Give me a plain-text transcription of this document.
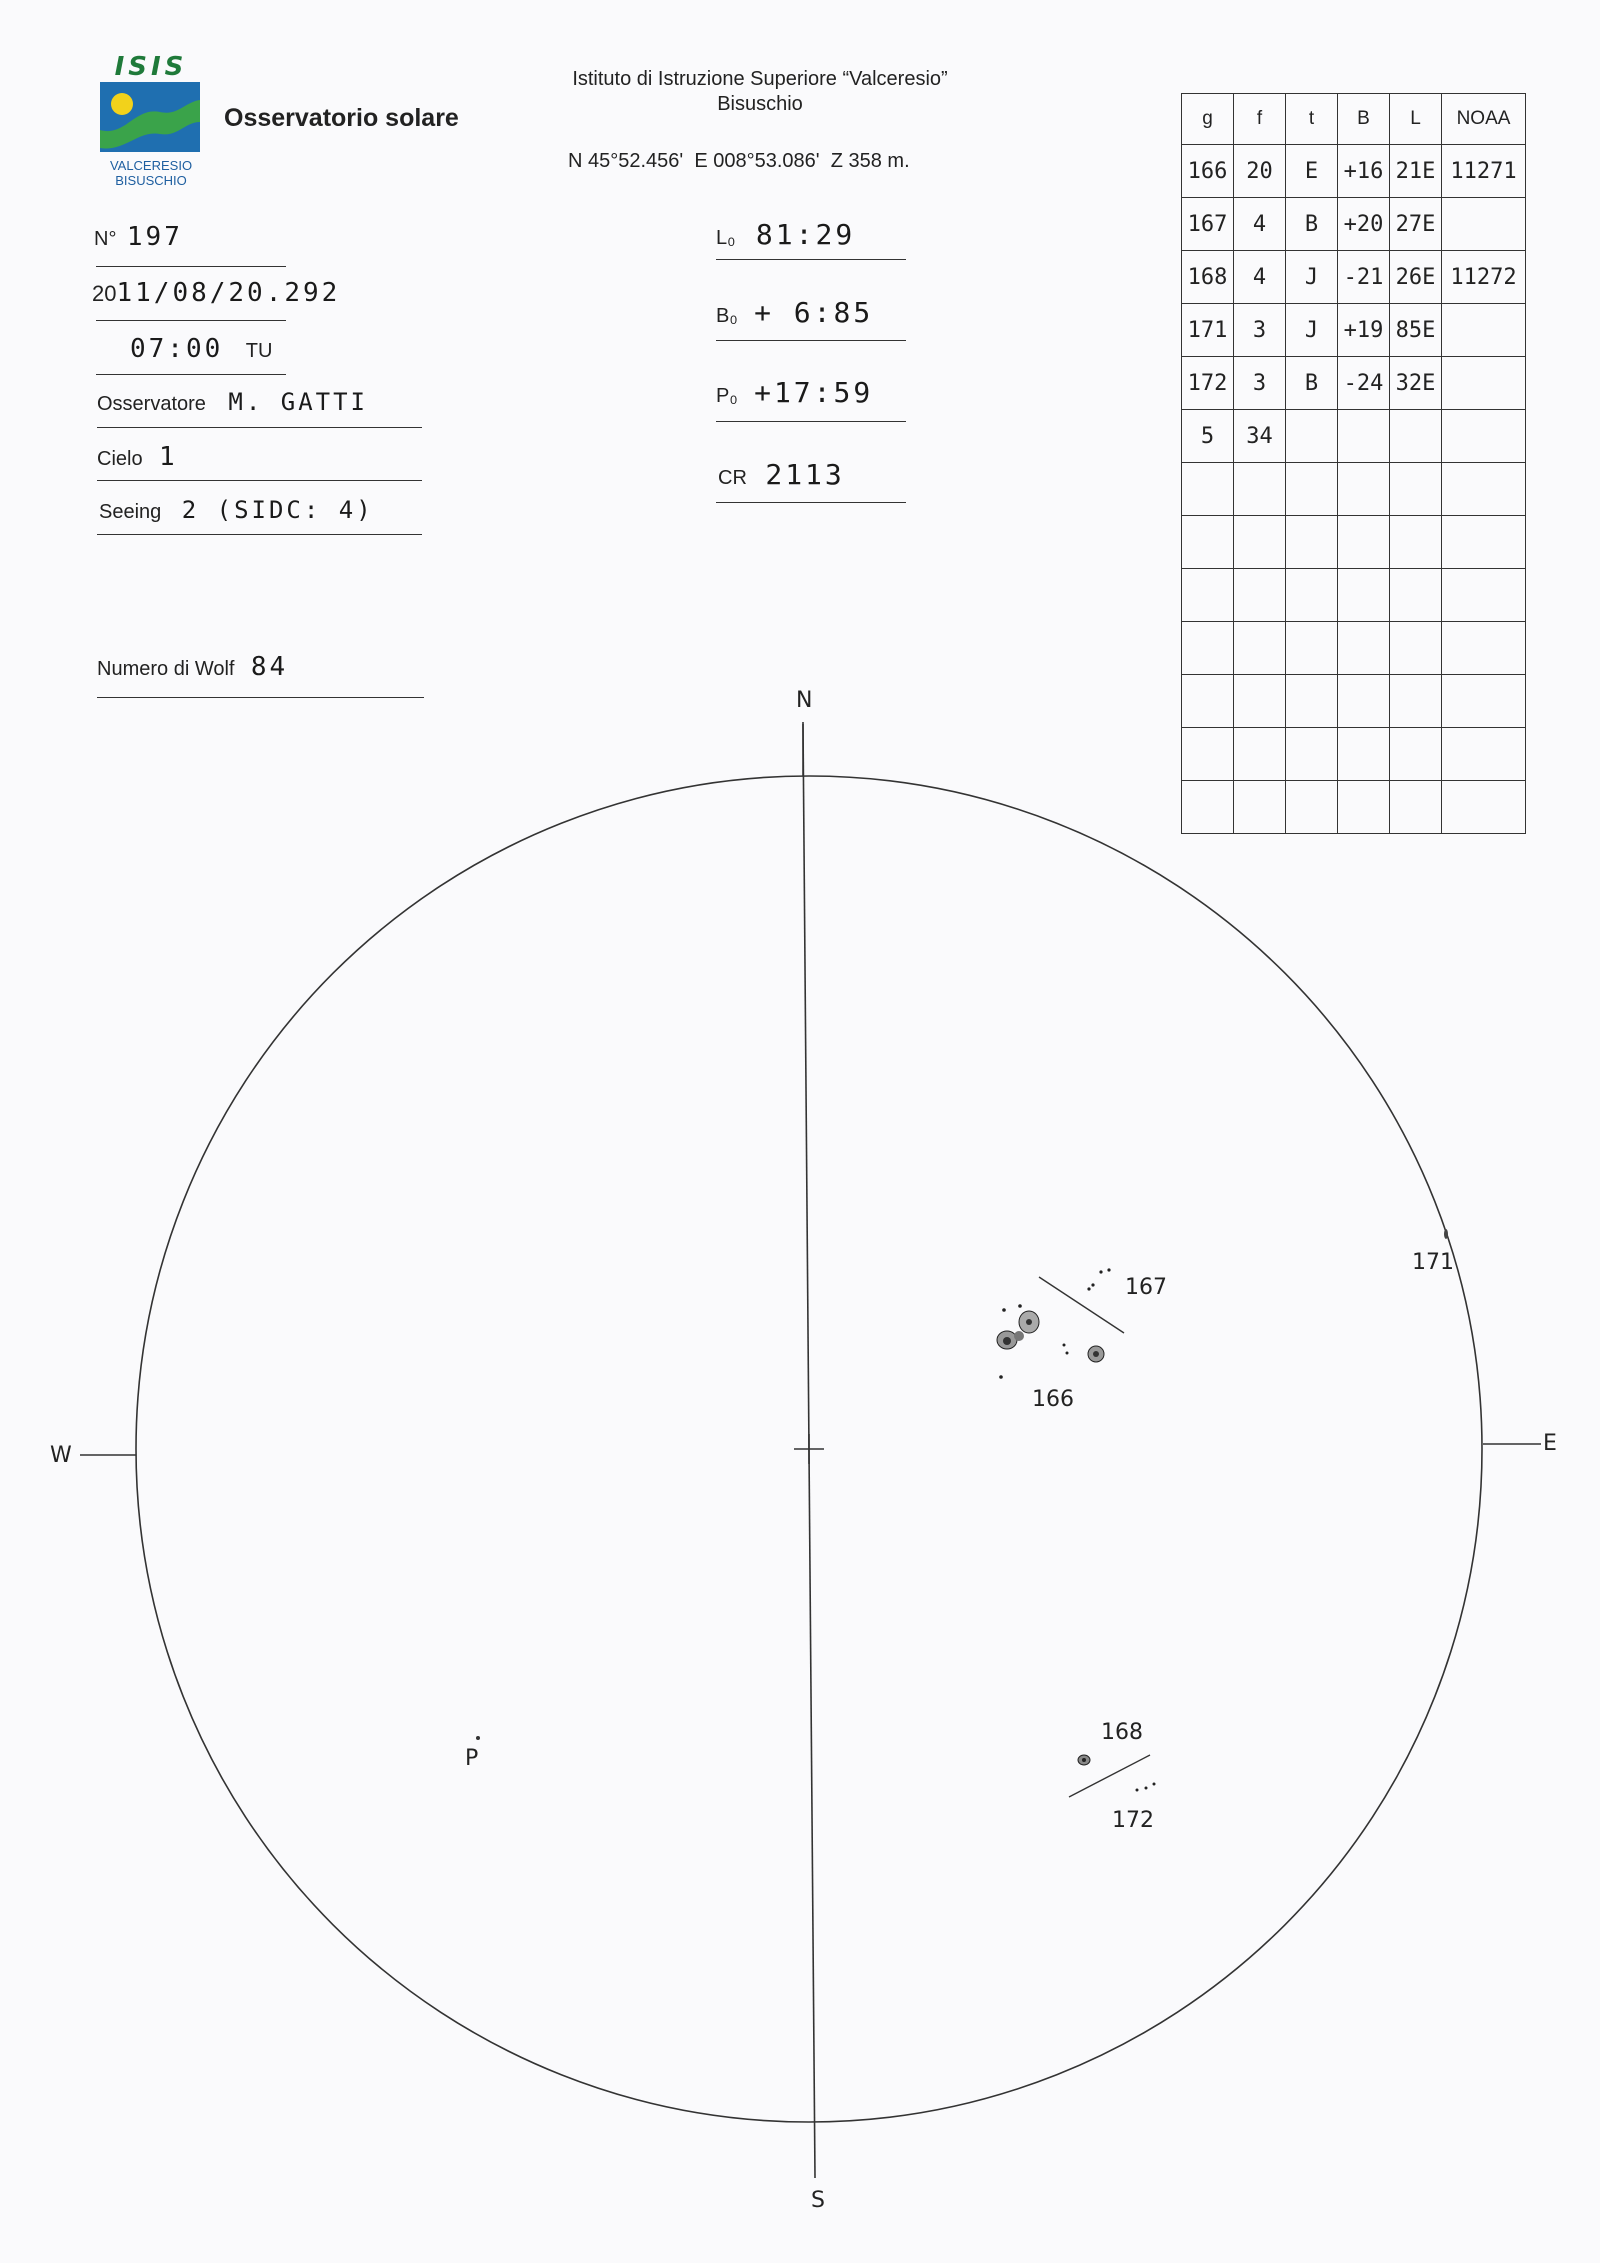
ISIS
VALCERESIO
BISUSCHIO
Osservatorio solare
Istituto di Istruzione Superiore “Valceresio”
Bisuschio
N 45°52.456'  E 008°53.086'  Z 358 m.
N° 197
2011/08/20.292
07:00 TU
Osservatore M. GATTI
Cielo 1
Seeing 2 (SIDC: 4)
Numero di Wolf 84
L₀ 81:29
B₀ + 6:85
P₀ +17:59
CR 2113
g	f	t	B	L	NOAA
166	20	E	+16	21E	11271
167	4	B	+20	27E	
168	4	J	-21	26E	11272
171	3	J	+19	85E	
172	3	B	-24	32E	
5	34				

N
S
E
W
P
167
166
171
168
172
